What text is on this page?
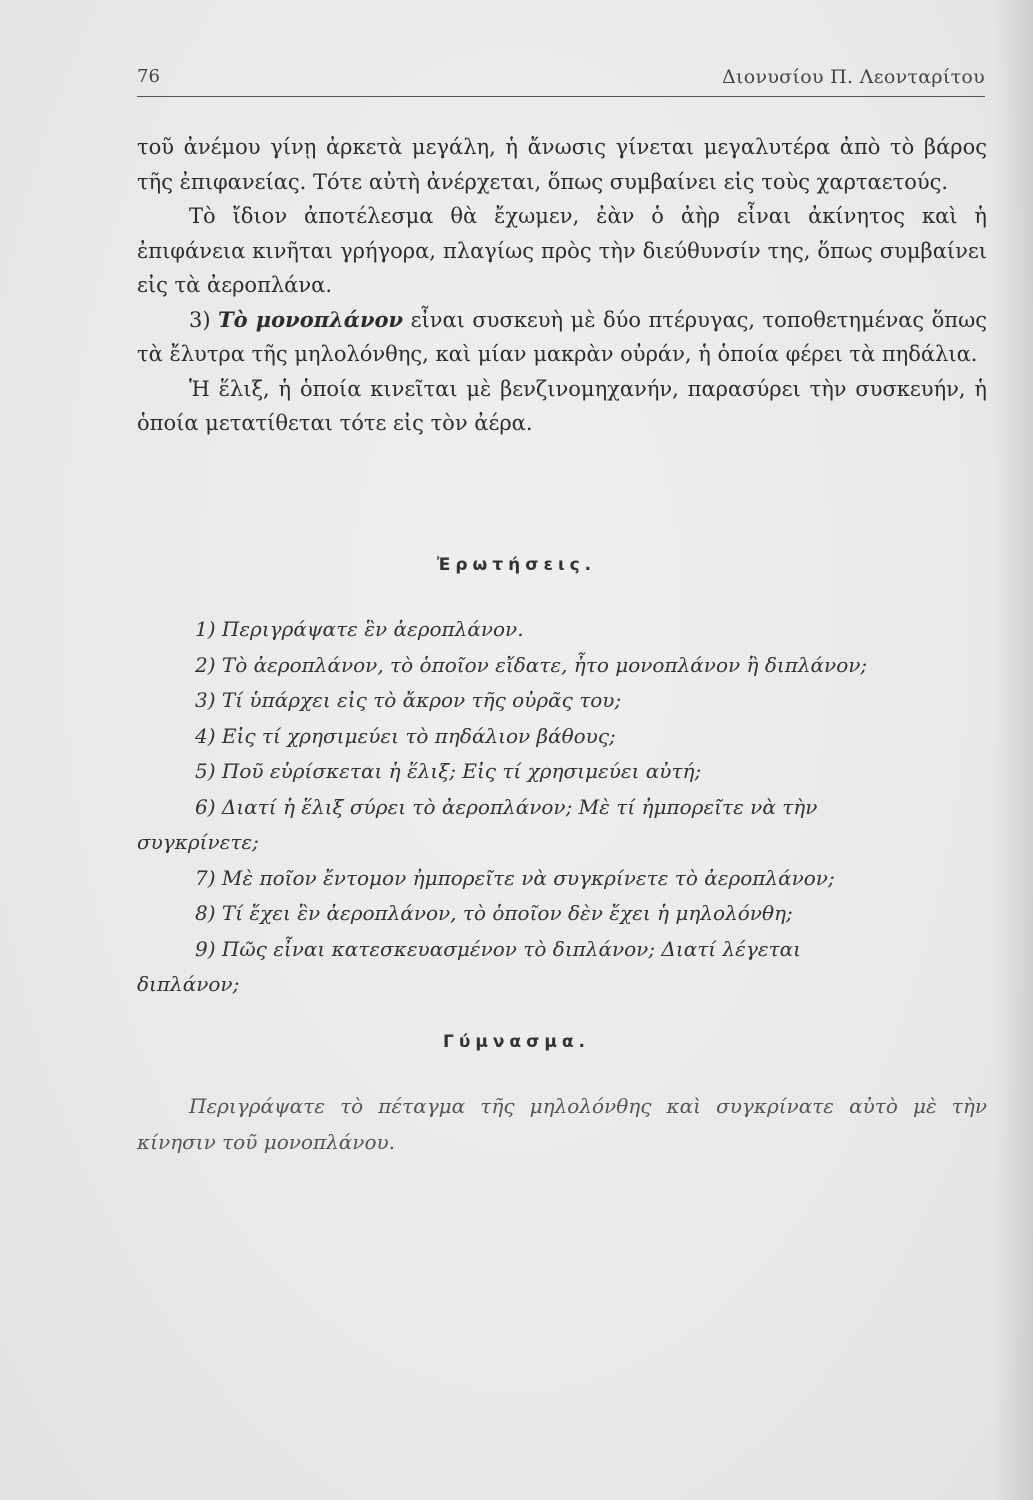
76	Διονυσίου Π. Λεονταρίτου

τοῦ ἀνέμου γίνῃ ἀρκετὰ μεγάλη, ἡ ἄνωσις γίνεται μεγαλυτέρα ἀπὸ τὸ βάρος τῆς ἐπιφανείας. Τότε αὐτὴ ἀνέρχεται, ὅπως συμβαίνει εἰς τοὺς χαρταετούς.

Τὸ ἴδιον ἀποτέλεσμα θὰ ἔχωμεν, ἐὰν ὁ ἀὴρ εἶναι ἀκίνητος καὶ ἡ ἐπιφάνεια κινῆται γρήγορα, πλαγίως πρὸς τὴν διεύθυνσίν της, ὅπως συμβαίνει εἰς τὰ ἀεροπλάνα.

3) Τὸ μονοπλάνον εἶναι συσκευὴ μὲ δύο πτέρυγας, τοποθετημένας ὅπως τὰ ἔλυτρα τῆς μηλολόνθης, καὶ μίαν μακρὰν οὐράν, ἡ ὁποία φέρει τὰ πηδάλια.

Ἡ ἕλιξ, ἡ ὁποία κινεῖται μὲ βενζινομηχανήν, παρασύρει τὴν συσκευήν, ἡ ὁποία μετατίθεται τότε εἰς τὸν ἀέρα.

Ἐρωτήσεις.

1) Περιγράψατε ἓν ἀεροπλάνον.

2) Τὸ ἀεροπλάνον, τὸ ὁποῖον εἴδατε, ἦτο μονοπλάνον ἢ διπλάνον;

3) Τί ὑπάρχει εἰς τὸ ἄκρον τῆς οὐρᾶς του;

4) Εἰς τί χρησιμεύει τὸ πηδάλιον βάθους;

5) Ποῦ εὑρίσκεται ἡ ἕλιξ; Εἰς τί χρησιμεύει αὐτή;

6) Διατί ἡ ἕλιξ σύρει τὸ ἀεροπλάνον; Μὲ τί ἠμπορεῖτε νὰ τὴν

συγκρίνετε;

7) Μὲ ποῖον ἔντομον ἠμπορεῖτε νὰ συγκρίνετε τὸ ἀεροπλάνον;

8) Τί ἔχει ἓν ἀεροπλάνον, τὸ ὁποῖον δὲν ἔχει ἡ μηλολόνθη;

9) Πῶς εἶναι κατεσκευασμένον τὸ διπλάνον; Διατί λέγεται

διπλάνον;

Γύμνασμα.

Περιγράψατε τὸ πέταγμα τῆς μηλολόνθης καὶ συγκρίνατε αὐτὸ μὲ τὴν κίνησιν τοῦ μονοπλάνου.
